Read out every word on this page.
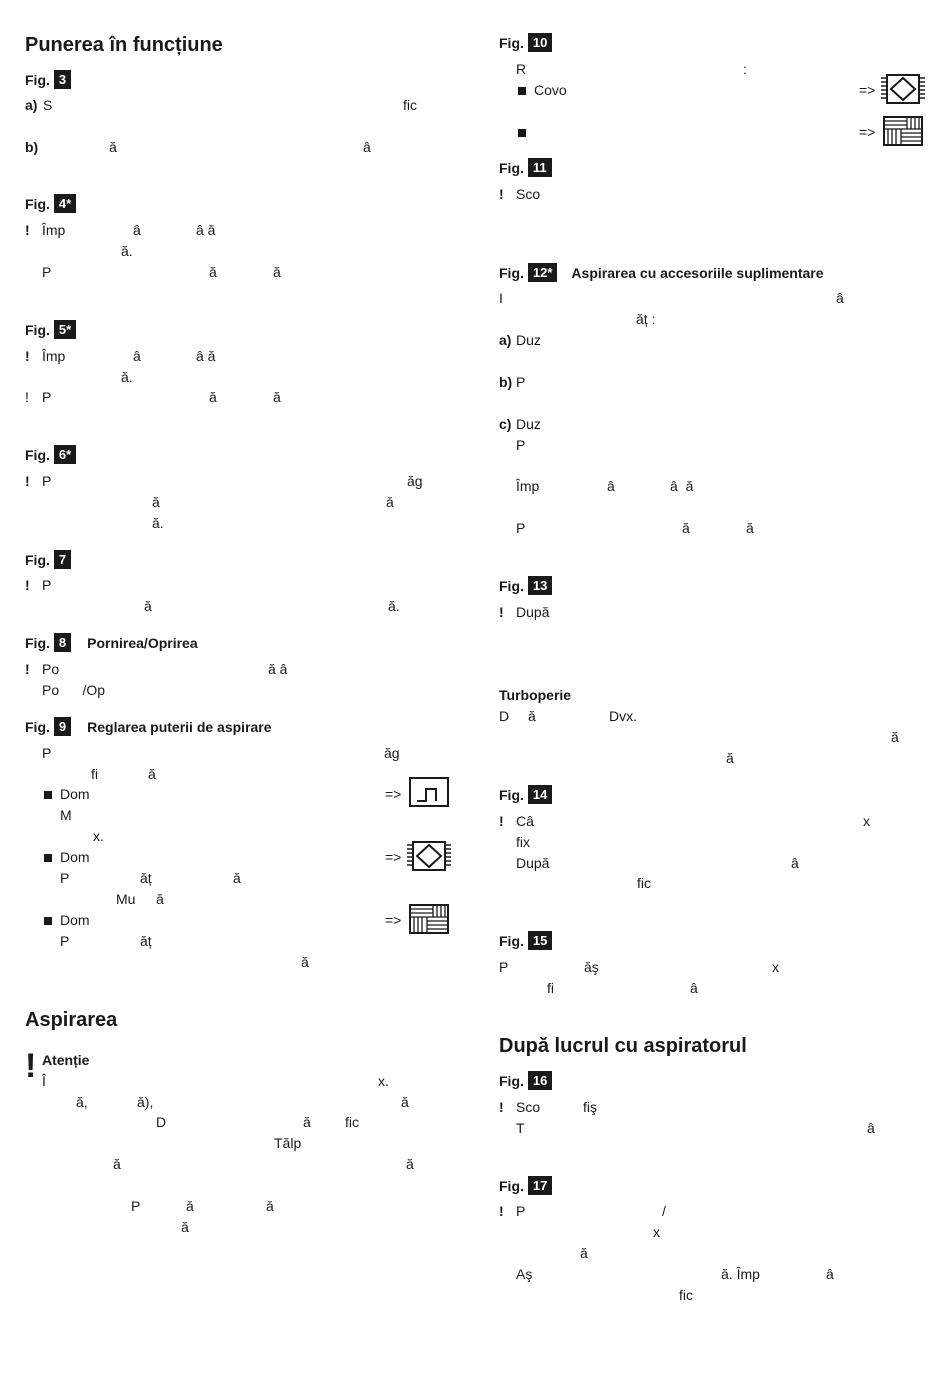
Punerea în funcțiune
Fig. 3
a) S	fic
b)	ă	â
Fig. 4*
! Împ	â	â ă
ă.
P	ă	ă
Fig. 5*
! Împ	â	â ă
ă.
! P	ă	ă
Fig. 6*
! P	ăg
ă	ă
ă.
Fig. 7
! P
ă	ă.
Fig. 8	Pornirea/Oprirea
! Po	ă â
Po      /Op
Fig. 9	Reglarea puterii de aspirare
P	ăg
fi	ă
Dom	=>
M
x.
Dom	=>
P	ăț	ă
Mu ă
Dom	=>
P	ăț
ă
Aspirarea
! Atenție
Î	x.
ă,	ă),	ă
D	ă fic
Tălp
ă	ă
P	ă	ă
ă
Fig. 10
R	:
Covo	=>
=>
Fig. 11
! Sco
Fig. 12*	Aspirarea cu accesoriile suplimentare
I	â
ăț :
a) Duz
b) P
c) Duz
P
Împ	â	â  ă
P	ă	ă
Fig. 13
! După
Turboperie
D ă	Dvx.
ă
ă
Fig. 14
! Câ	x
fix
După	â
fic
Fig. 15
P	ăş	x
fi	â
După lucrul cu aspiratorul
Fig. 16
! Sco	fiş
T	â
Fig. 17
! P	/
x
ă
Aş	ă. Împ	â
fic
